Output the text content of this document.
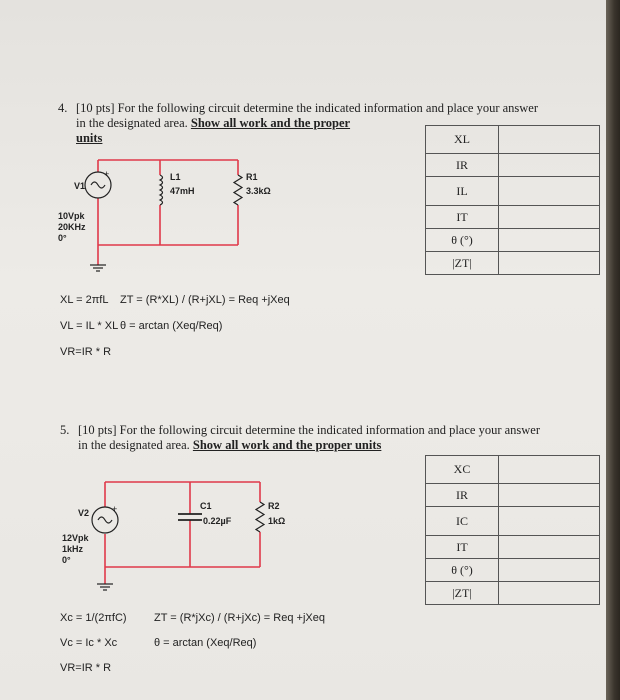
4. [10 pts] For the following circuit determine the indicated information and place your answer
in the designated area. Show all work and the proper
units
+
V1
10Vpk
20KHz
0°
L1
47mH
R1
3.3kΩ
XL	
IR	
IL	
IT	
θ (°)	
|ZT|	
XL = 2πfL ZT = (R*XL) / (R+jXL) = Req +jXeq
VL = IL * XL θ = arctan (Xeq/Req)
VR=IR * R
5. [10 pts] For the following circuit determine the indicated information and place your answer
in the designated area. Show all work and the proper units
+
V2
12Vpk
1kHz
0°
C1
0.22µF
R2
1kΩ
XC	
IR	
IC	
IT	
θ (°)	
|ZT|	
Xc = 1/(2πfC) ZT = (R*jXc) / (R+jXc) = Req +jXeq
Vc = Ic * Xc	θ = arctan (Xeq/Req)
VR=IR * R
